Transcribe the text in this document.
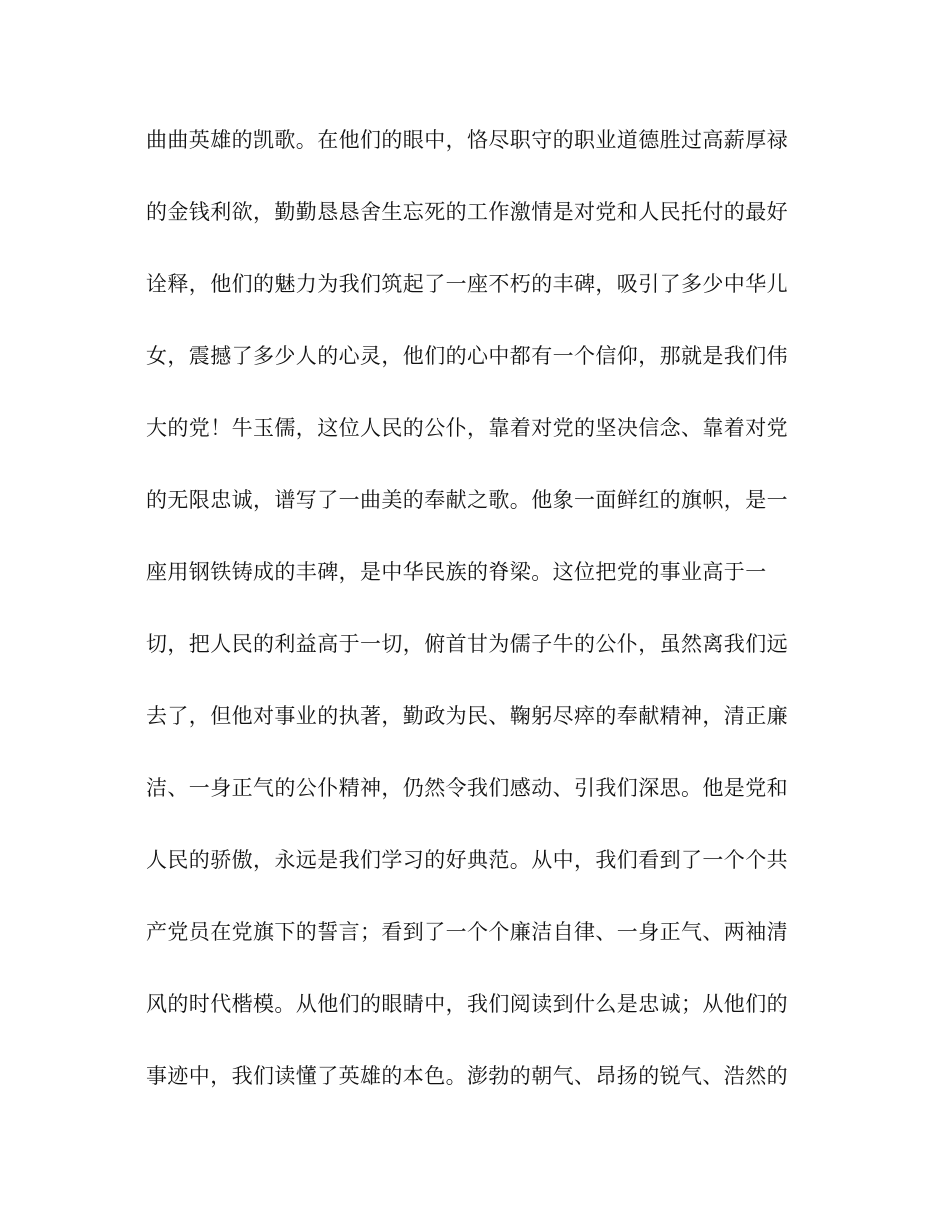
曲曲英雄的凯歌。在他们的眼中，恪尽职守的职业道德胜过高薪厚禄
的金钱利欲，勤勤恳恳舍生忘死的工作激情是对党和人民托付的最好
诠释，他们的魅力为我们筑起了一座不朽的丰碑，吸引了多少中华儿
女，震撼了多少人的心灵，他们的心中都有一个信仰，那就是我们伟
大的党！牛玉儒，这位人民的公仆，靠着对党的坚决信念、靠着对党
的无限忠诚，谱写了一曲美的奉献之歌。他象一面鲜红的旗帜，是一
座用钢铁铸成的丰碑，是中华民族的脊梁。这位把党的事业高于一
切，把人民的利益高于一切，俯首甘为儒子牛的公仆，虽然离我们远
去了，但他对事业的执著，勤政为民、鞠躬尽瘁的奉献精神，清正廉
洁、一身正气的公仆精神，仍然令我们感动、引我们深思。他是党和
人民的骄傲，永远是我们学习的好典范。从中，我们看到了一个个共
产党员在党旗下的誓言；看到了一个个廉洁自律、一身正气、两袖清
风的时代楷模。从他们的眼睛中，我们阅读到什么是忠诚；从他们的
事迹中，我们读懂了英雄的本色。澎勃的朝气、昂扬的锐气、浩然的
